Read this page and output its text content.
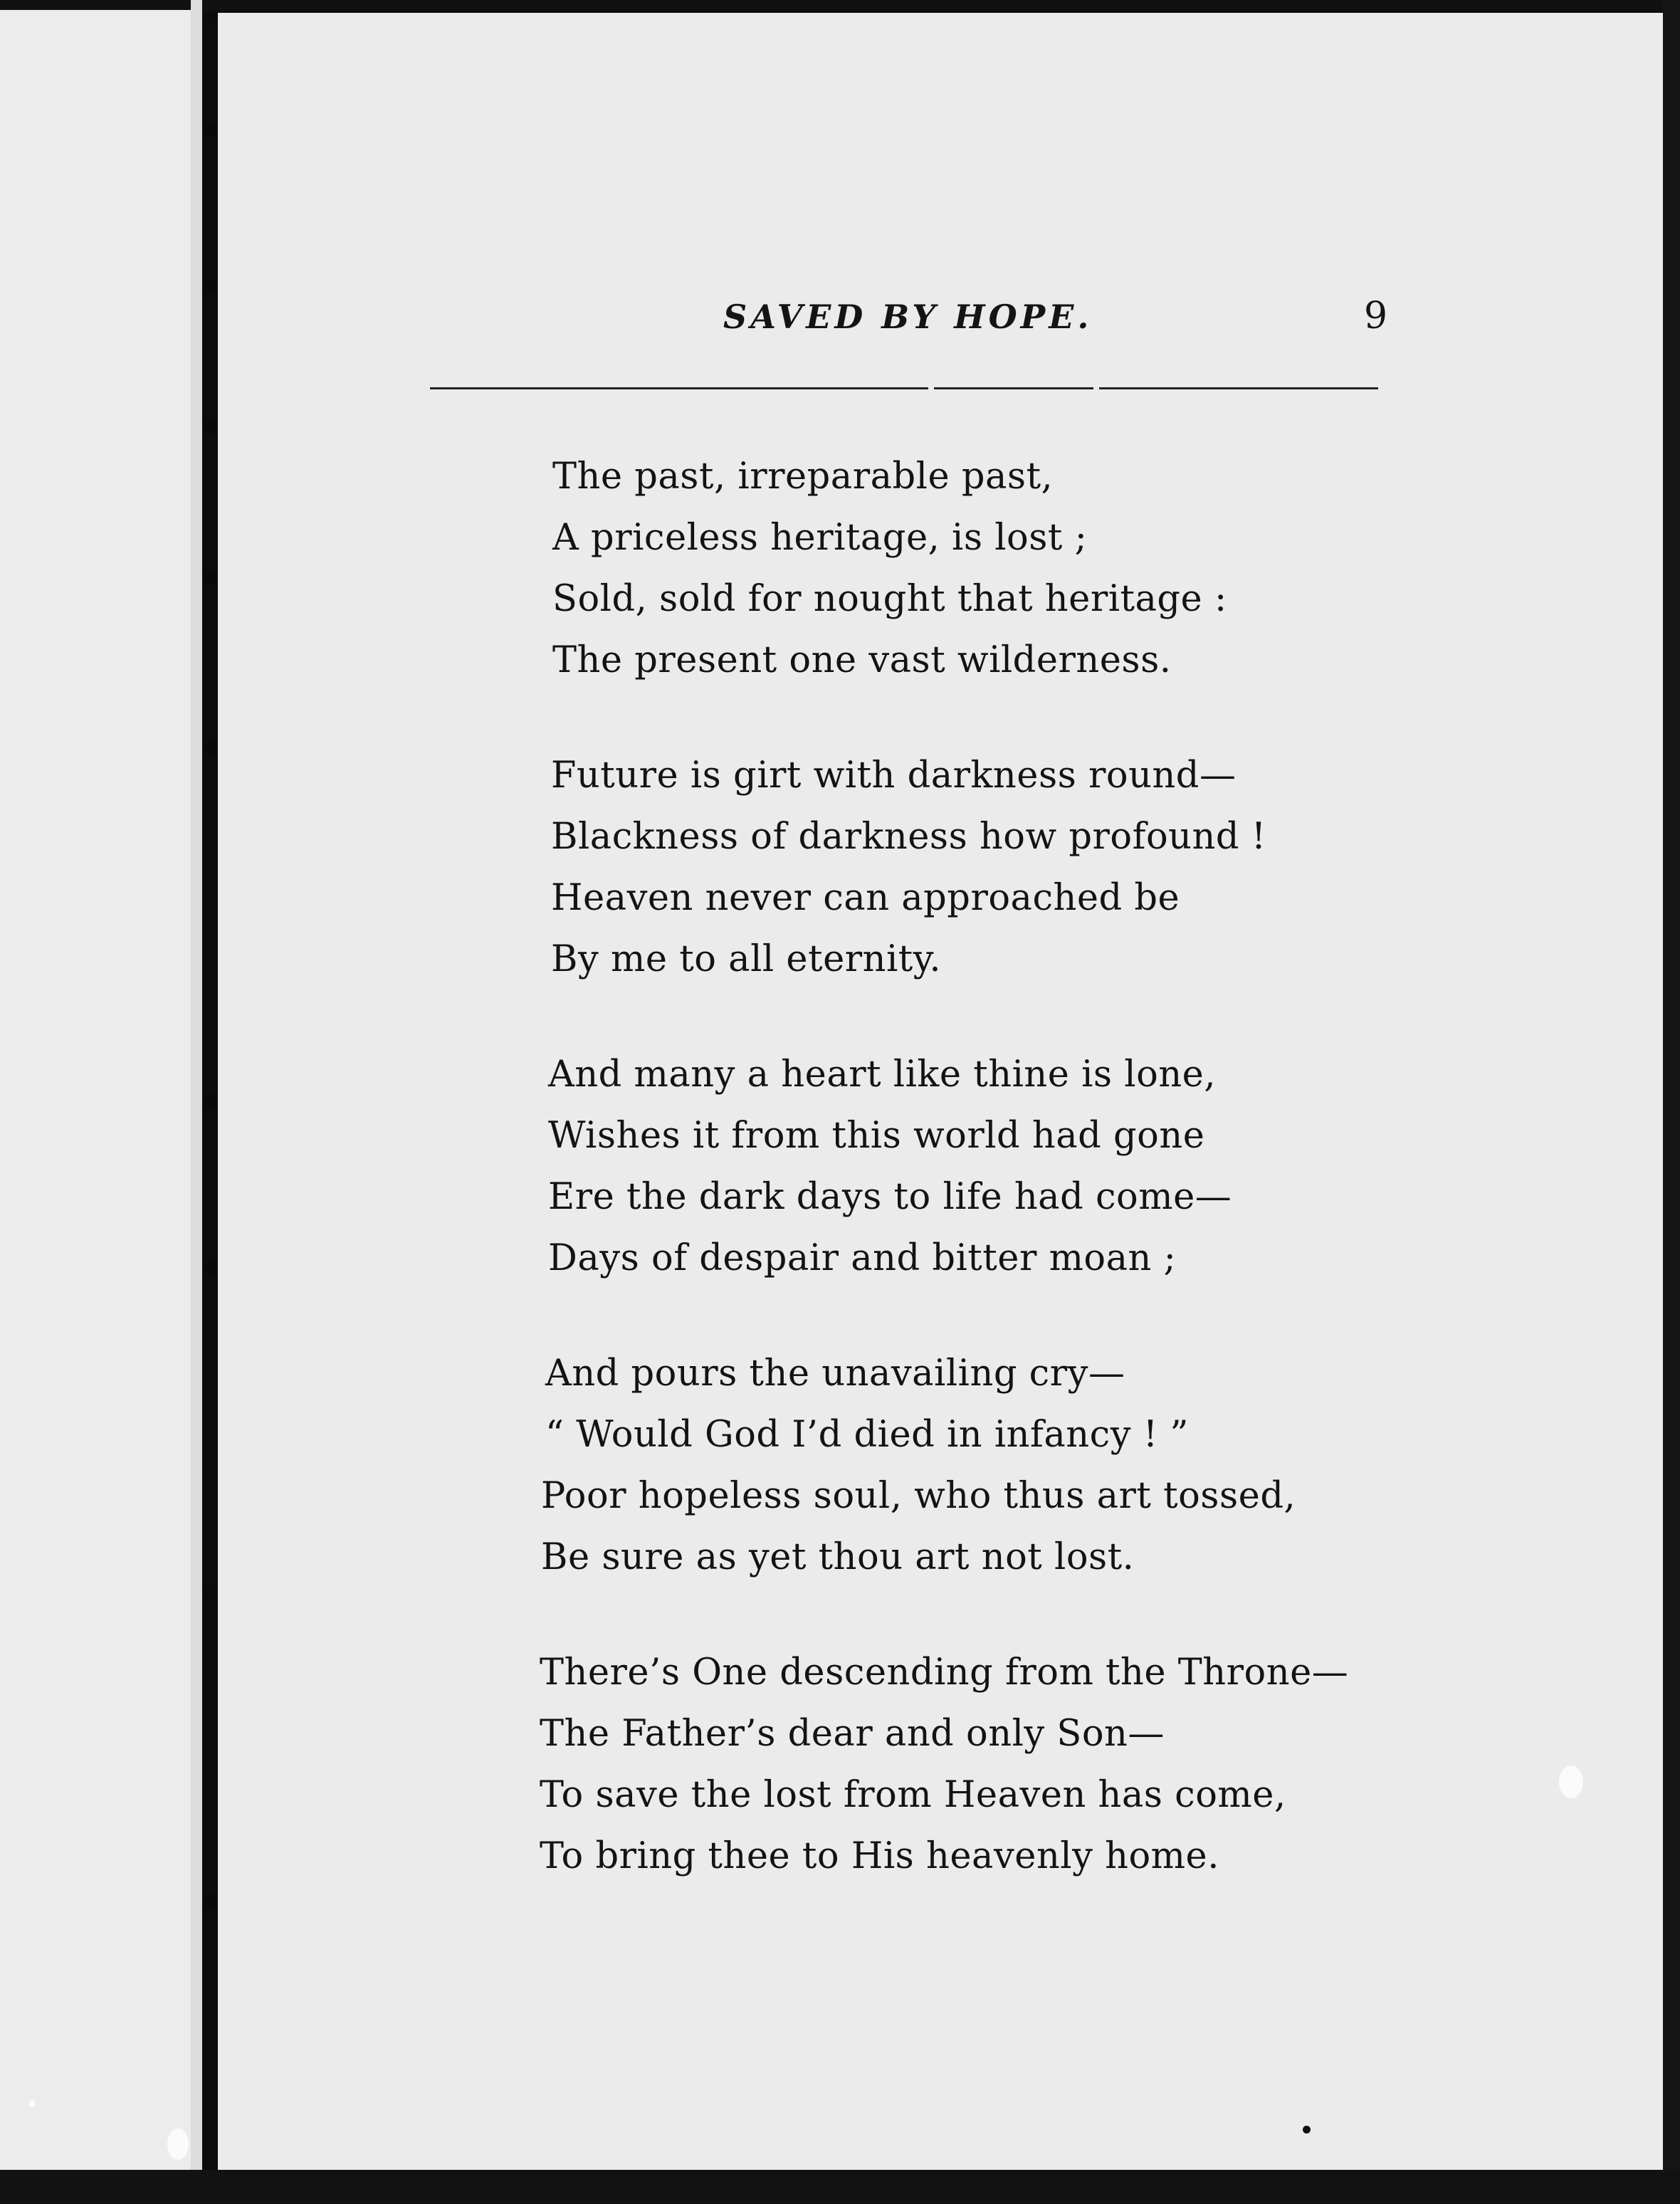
SAVED BY HOPE.	9
The past, irreparable past,
A priceless heritage, is lost ;
Sold, sold for nought that heritage :
The present one vast wilderness.
Future is girt with darkness round—
Blackness of darkness how profound !
Heaven never can approached be
By me to all eternity.
And many a heart like thine is lone,
Wishes it from this world had gone
Ere the dark days to life had come—
Days of despair and bitter moan ;
And pours the unavailing cry—
“ Would God I’d died in infancy ! ”
Poor hopeless soul, who thus art tossed,
Be sure as yet thou art not lost.
There’s One descending from the Throne—
The Father’s dear and only Son—
To save the lost from Heaven has come,
To bring thee to His heavenly home.
